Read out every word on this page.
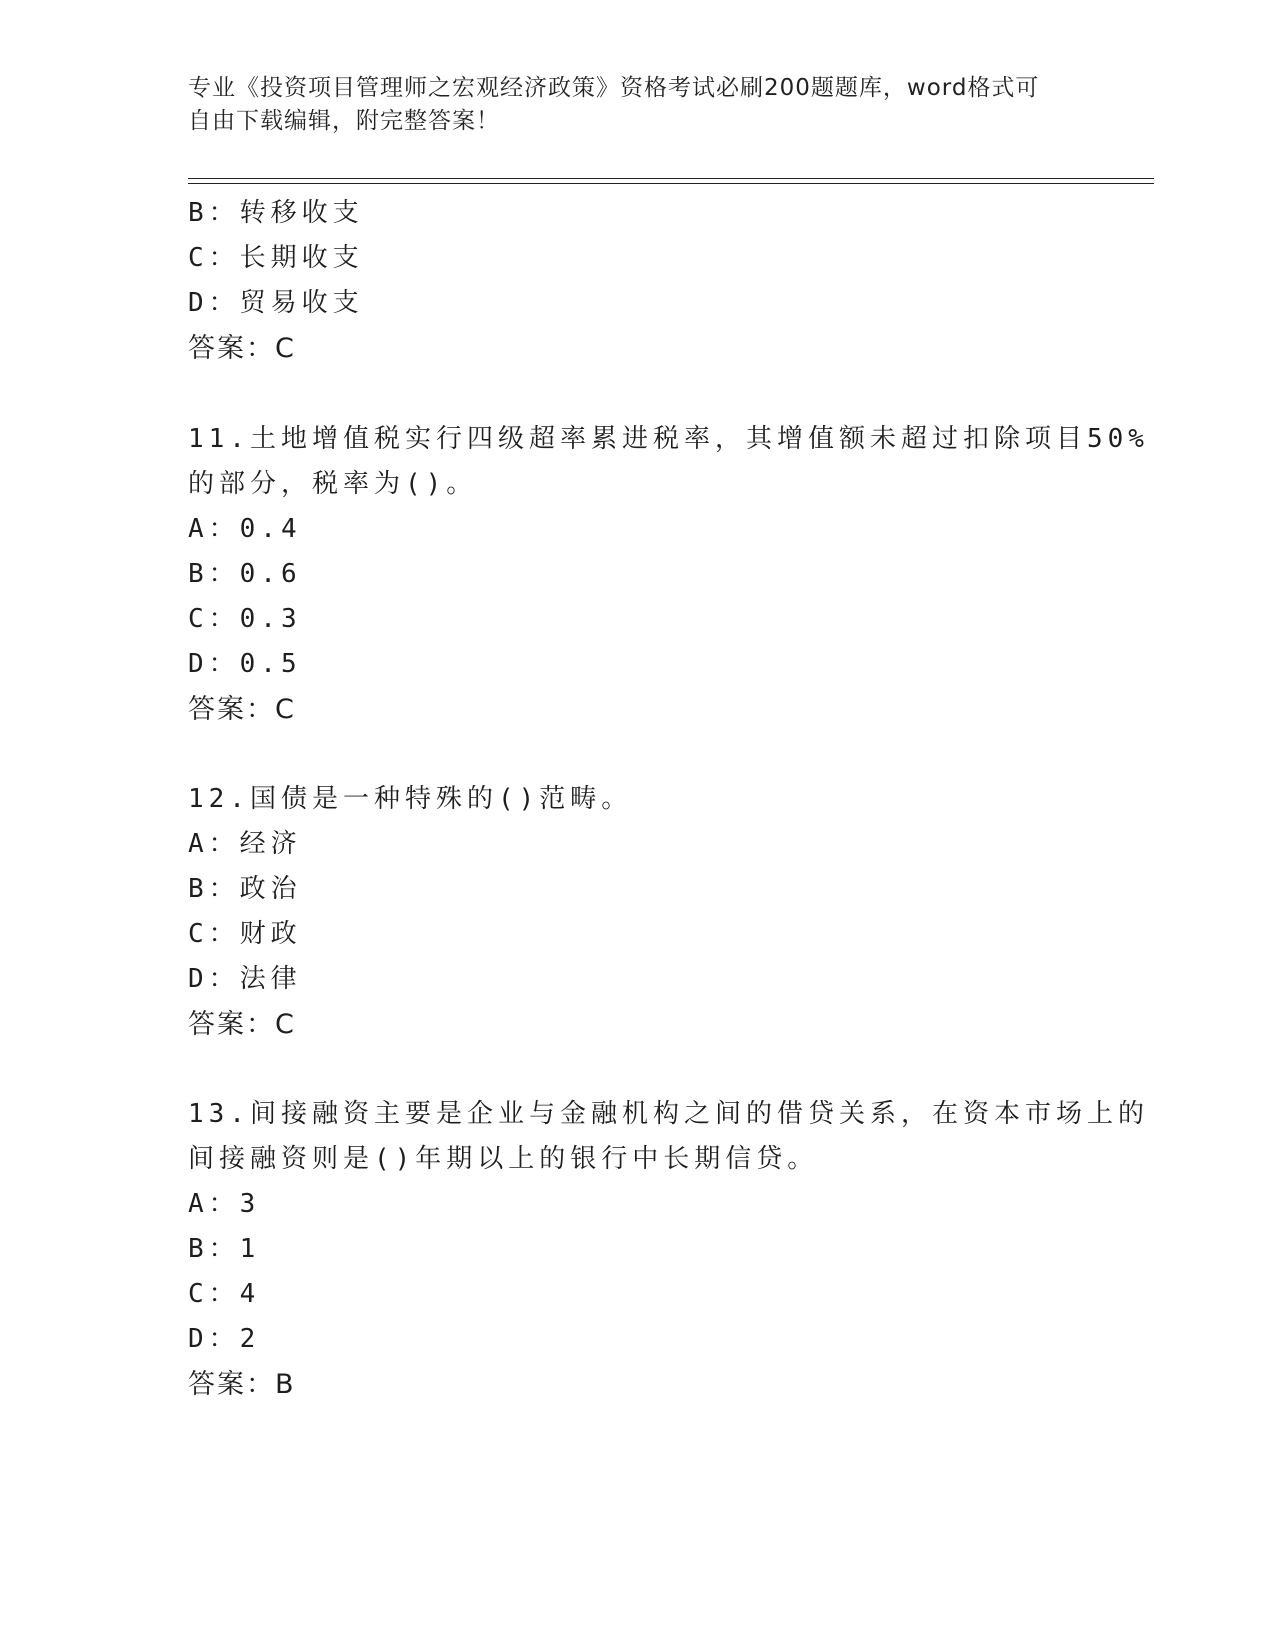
专业《投资项目管理师之宏观经济政策》资格考试必刷200题题库，word格式可
自由下载编辑，附完整答案！
B：转移收支
C：长期收支
D：贸易收支
答案：C
11.土地增值税实行四级超率累进税率，其增值额未超过扣除项目50%
的部分，税率为()。
A：0.4
B：0.6
C：0.3
D：0.5
答案：C
12.国债是一种特殊的()范畴。
A：经济
B：政治
C：财政
D：法律
答案：C
13.间接融资主要是企业与金融机构之间的借贷关系，在资本市场上的
间接融资则是()年期以上的银行中长期信贷。
A：3
B：1
C：4
D：2
答案：B
